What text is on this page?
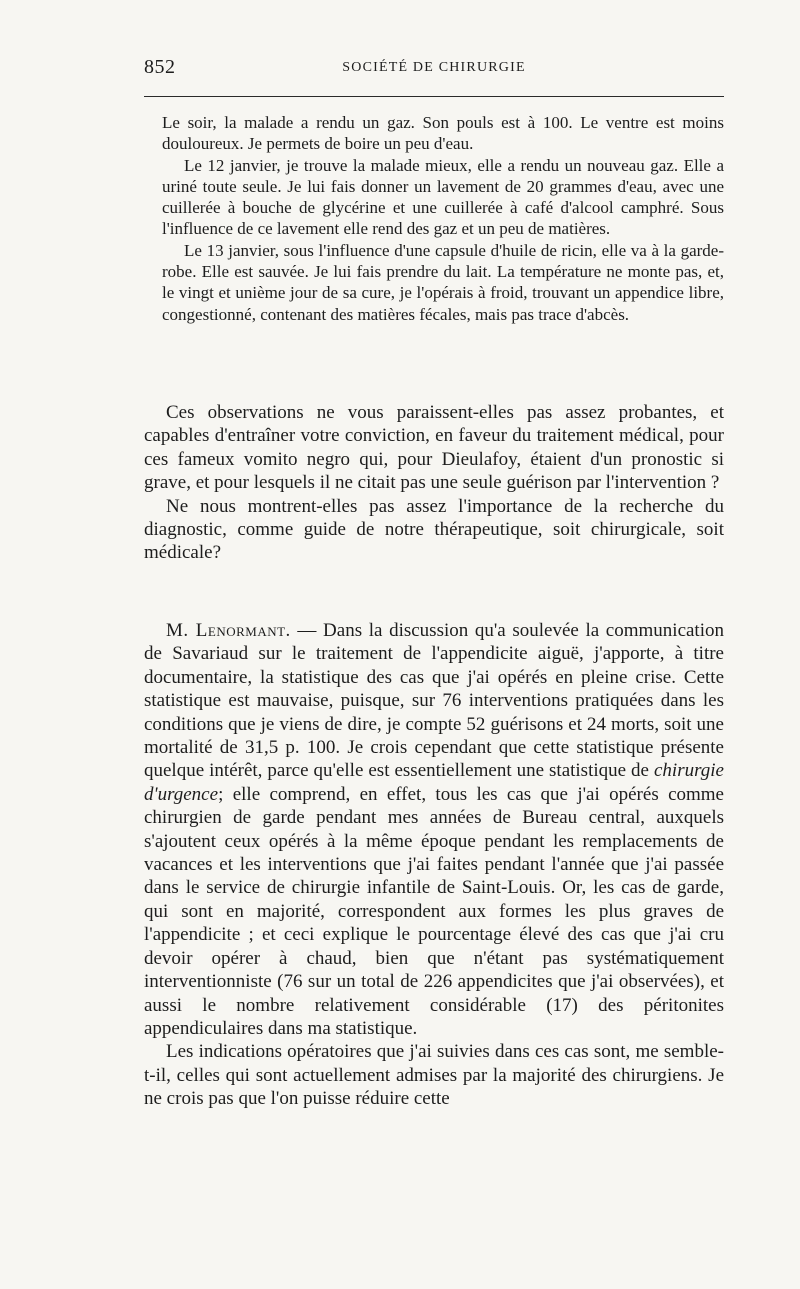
852	SOCIÉTÉ DE CHIRURGIE

Le soir, la malade a rendu un gaz. Son pouls est à 100. Le ventre est moins douloureux. Je permets de boire un peu d'eau.

Le 12 janvier, je trouve la malade mieux, elle a rendu un nouveau gaz. Elle a uriné toute seule. Je lui fais donner un lavement de 20 grammes d'eau, avec une cuillerée à bouche de glycérine et une cuillerée à café d'alcool camphré. Sous l'influence de ce lavement elle rend des gaz et un peu de matières.

Le 13 janvier, sous l'influence d'une capsule d'huile de ricin, elle va à la garde-robe. Elle est sauvée. Je lui fais prendre du lait. La température ne monte pas, et, le vingt et unième jour de sa cure, je l'opérais à froid, trouvant un appendice libre, congestionné, contenant des matières fécales, mais pas trace d'abcès.

Ces observations ne vous paraissent-elles pas assez probantes, et capables d'entraîner votre conviction, en faveur du traitement médical, pour ces fameux vomito negro qui, pour Dieulafoy, étaient d'un pronostic si grave, et pour lesquels il ne citait pas une seule guérison par l'intervention ?

Ne nous montrent-elles pas assez l'importance de la recherche du diagnostic, comme guide de notre thérapeutique, soit chirurgicale, soit médicale?

M. Lenormant. — Dans la discussion qu'a soulevée la communication de Savariaud sur le traitement de l'appendicite aiguë, j'apporte, à titre documentaire, la statistique des cas que j'ai opérés en pleine crise. Cette statistique est mauvaise, puisque, sur 76 interventions pratiquées dans les conditions que je viens de dire, je compte 52 guérisons et 24 morts, soit une mortalité de 31,5 p. 100. Je crois cependant que cette statistique présente quelque intérêt, parce qu'elle est essentiellement une statistique de chirurgie d'urgence; elle comprend, en effet, tous les cas que j'ai opérés comme chirurgien de garde pendant mes années de Bureau central, auxquels s'ajoutent ceux opérés à la même époque pendant les remplacements de vacances et les interventions que j'ai faites pendant l'année que j'ai passée dans le service de chirurgie infantile de Saint-Louis. Or, les cas de garde, qui sont en majorité, correspondent aux formes les plus graves de l'appendicite ; et ceci explique le pourcentage élevé des cas que j'ai cru devoir opérer à chaud, bien que n'étant pas systématiquement interventionniste (76 sur un total de 226 appendicites que j'ai observées), et aussi le nombre relativement considérable (17) des péritonites appendiculaires dans ma statistique.

Les indications opératoires que j'ai suivies dans ces cas sont, me semble-t-il, celles qui sont actuellement admises par la majorité des chirurgiens. Je ne crois pas que l'on puisse réduire cette
